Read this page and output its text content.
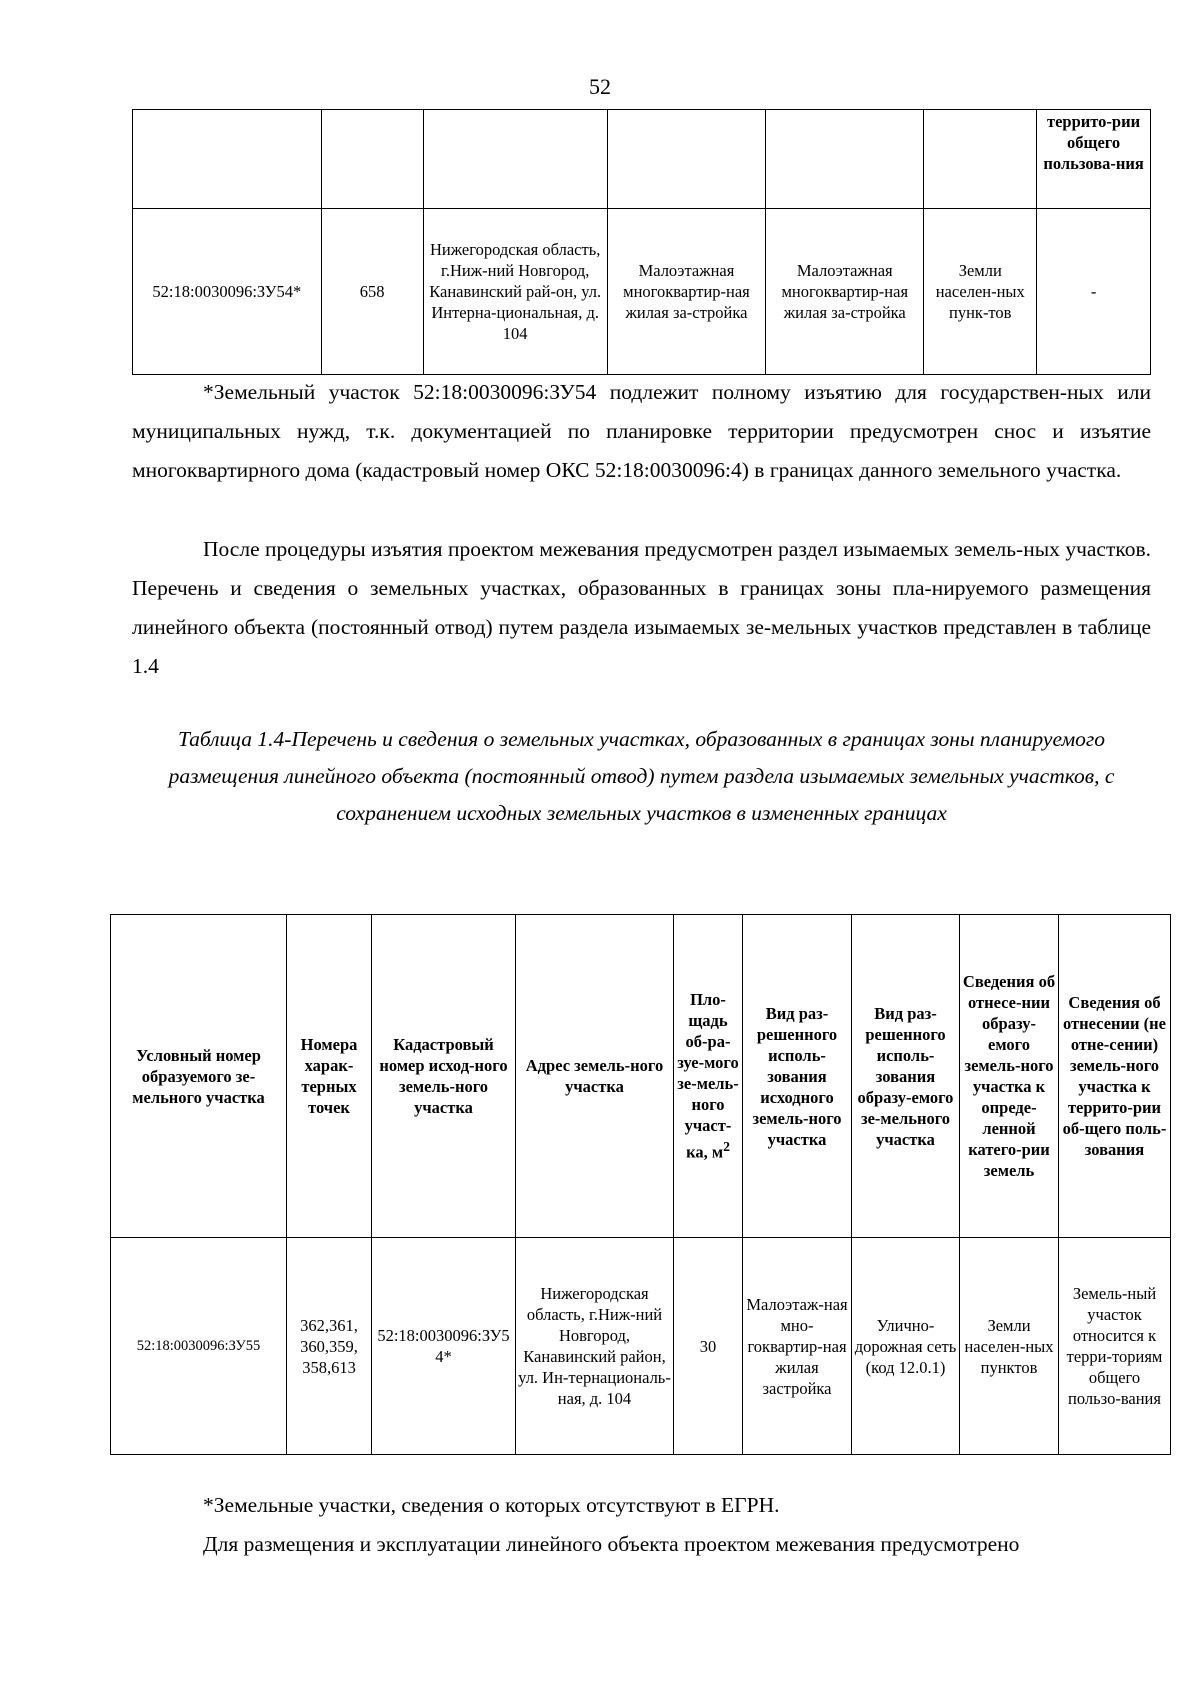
52
						террито-рии общего пользова-ния
52:18:0030096:ЗУ54*	658	Нижегородская область, г.Ниж-ний Новгород, Канавинский рай-он, ул. Интерна-циональная, д. 104	Малоэтажная многоквартир-ная жилая за-стройка	Малоэтажная многоквартир-ная жилая за-стройка	Земли населен-ных пунк-тов	-

*Земельный участок 52:18:0030096:ЗУ54 подлежит полному изъятию для государствен-ных или муниципальных нужд, т.к. документацией по планировке территории предусмотрен снос и изъятие многоквартирного дома (кадастровый номер ОКС 52:18:0030096:4) в границах данного земельного участка.

После процедуры изъятия проектом межевания предусмотрен раздел изымаемых земель-ных участков. Перечень и сведения о земельных участках, образованных в границах зоны пла-нируемого размещения линейного объекта (постоянный отвод) путем раздела изымаемых зе-мельных участков представлен в таблице 1.4

Таблица 1.4-Перечень и сведения о земельных участках, образованных в границах зоны планируемого размещения линейного объекта (постоянный отвод) путем раздела изымаемых земельных участков, с сохранением исходных земельных участков в измененных границах

Условный номер образуемого зе-мельного участка	Номера харак-терных точек	Кадастровый номер исход-ного земель-ного участка	Адрес земель-ного участка	Пло-щадь об-ра-зуе-мого зе-мель-ного участ-ка, $м^2$	Вид раз-решенного исполь-зования исходного земель-ного участка	Вид раз-решенного исполь-зования образу-емого зе-мельного участка	Сведения об отнесе-нии образу-емого земель-ного участка к опреде-ленной катего-рии земель	Сведения об отнесении (не отне-сении) земель-ного участка к террито-рии об-щего поль-зования
52:18:0030096:ЗУ55	362,361, 360,359, 358,613	52:18:0030096:ЗУ54*	Нижегородская область, г.Ниж-ний Новгород, Канавинский район, ул. Ин-тернациональ-ная, д. 104	30	Малоэтаж-ная мно-гоквартир-ная жилая застройка	Улично-дорожная сеть (код 12.0.1)	Земли населен-ных пунктов	Земель-ный участок относится к терри-ториям общего пользо-вания

*Земельные участки, сведения о которых отсутствуют в ЕГРН.

Для размещения и эксплуатации линейного объекта проектом межевания предусмотрено
